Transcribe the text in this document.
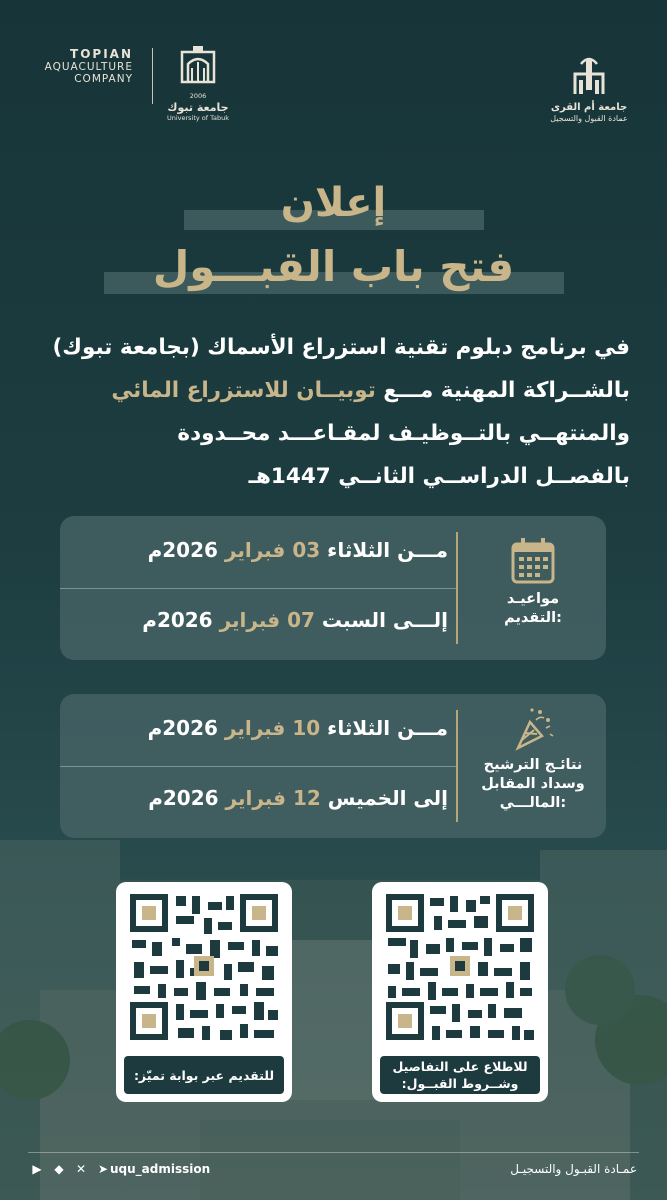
TOPIAN
AQUACULTURE
COMPANY
2006
جامعة تبوك
University of Tabuk
جامعة أم القرى
عمادة القبول والتسجيل
إعلان
فتح باب القبـــول
في برنامج دبلوم تقنية استزراع الأسماك (بجامعة تبوك)
بالشــراكة المهنية مـــع توبيــان للاستزراع المائي
والمنتهــي بالتــوظيـف لمقـاعـــد محــدودة
بالفصــل الدراســي الثانــي 1447هـ
مـــن الثلاثاء 03 فبراير 2026م
إلـــى السبت 07 فبراير 2026م
مواعيـد
التقديم:
مـــن الثلاثاء 10 فبراير 2026م
إلى الخميس 12 فبراير 2026م
نتائـج الترشيح
وسداد المقابل
المالـــي:
للتقديم عبر بوابة تميّز:
للاطلاع على التفاصيل
وشــروط القبــول:
▶ ◆ ✕ ➤ uqu_admission	عمـادة القبـول والتسجيـل
